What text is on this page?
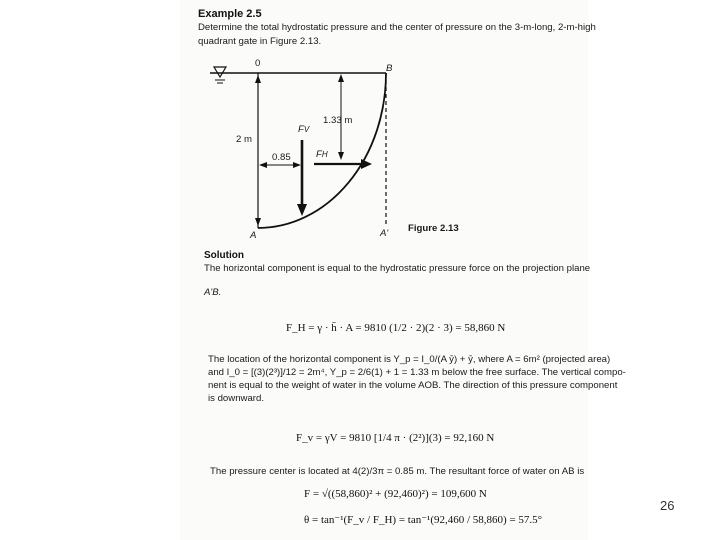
Example 2.5
Determine the total hydrostatic pressure and the center of pressure on the 3-m-long, 2-m-high
quadrant gate in Figure 2.13.
0	B
A	A'
2 m
1.33 m
0.85
FV
FH
Figure 2.13
Solution
The horizontal component is equal to the hydrostatic pressure force on the projection plane
A'B.
F_H = γ · h̄ · A = 9810 (1/2 · 2)(2 · 3) = 58,860 N
The location of the horizontal component is Y_p = I_0/(A ȳ) + ȳ, where A = 6m² (projected area)
and I_0 = [(3)(2³)]/12 = 2m⁴, Y_p = 2/6(1) + 1 = 1.33 m below the free surface. The vertical compo-
nent is equal to the weight of water in the volume AOB. The direction of this pressure component
is downward.
F_v = γV = 9810 [1/4 π · (2²)](3) = 92,160 N
The pressure center is located at 4(2)/3π = 0.85 m. The resultant force of water on AB is
F = √((58,860)² + (92,460)²) = 109,600 N
θ = tan⁻¹(F_v / F_H) = tan⁻¹(92,460 / 58,860) = 57.5°
26
